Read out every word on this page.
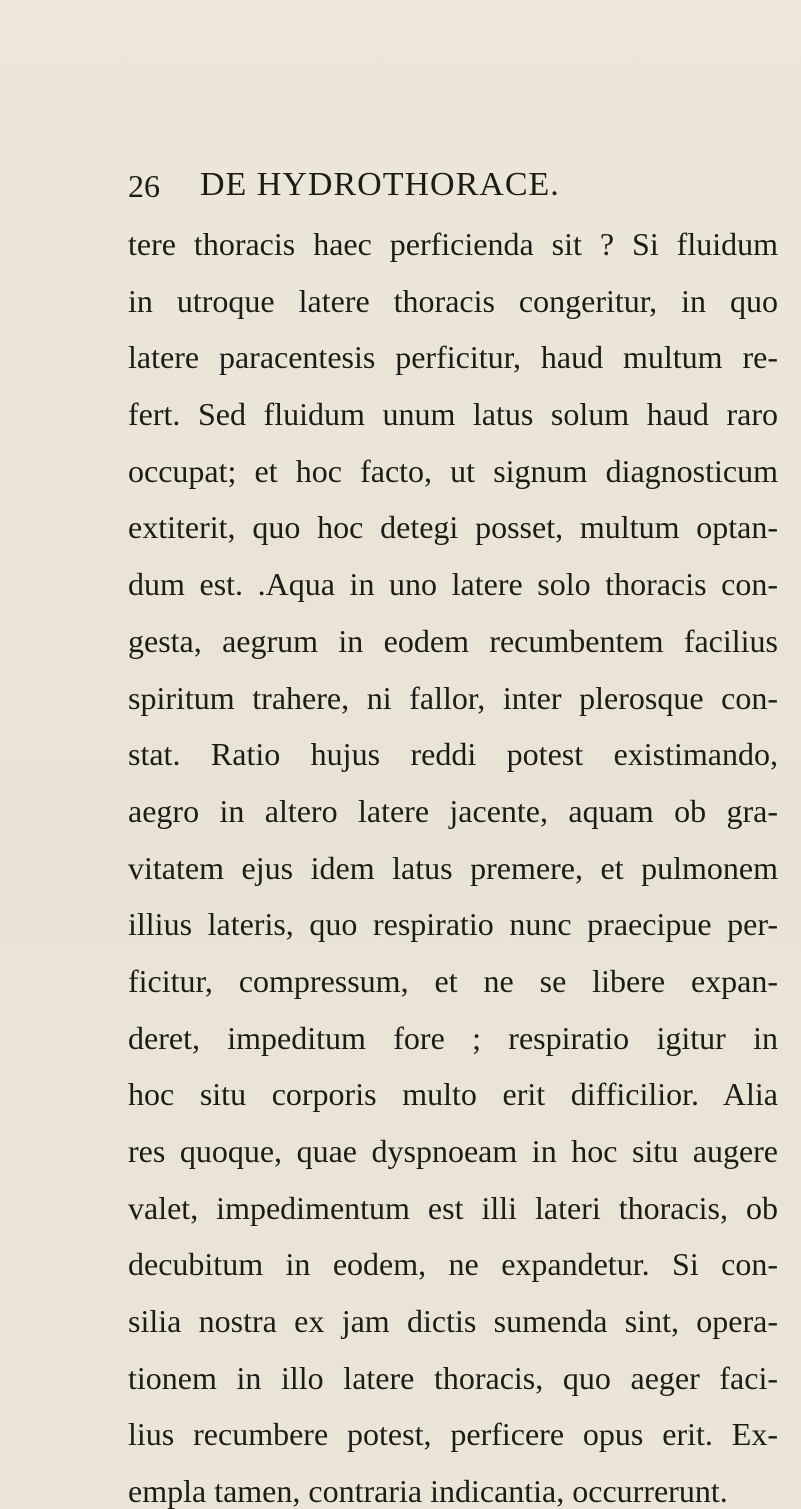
26 DE HYDROTHORACE.
tere thoracis haec perficienda sit ? Si fluidum
in utroque latere thoracis congeritur, in quo
latere paracentesis perficitur, haud multum re-
fert. Sed fluidum unum latus solum haud raro
occupat; et hoc facto, ut signum diagnosticum
extiterit, quo hoc detegi posset, multum optan-
dum est. .Aqua in uno latere solo thoracis con-
gesta, aegrum in eodem recumbentem facilius
spiritum trahere, ni fallor, inter plerosque con-
stat. Ratio hujus reddi potest existimando,
aegro in altero latere jacente, aquam ob gra-
vitatem ejus idem latus premere, et pulmonem
illius lateris, quo respiratio nunc praecipue per-
ficitur, compressum, et ne se libere expan-
deret, impeditum fore ; respiratio igitur in
hoc situ corporis multo erit difficilior. Alia
res quoque, quae dyspnoeam in hoc situ augere
valet, impedimentum est illi lateri thoracis, ob
decubitum in eodem, ne expandetur. Si con-
silia nostra ex jam dictis sumenda sint, opera-
tionem in illo latere thoracis, quo aeger faci-
lius recumbere potest, perficere opus erit. Ex-
empla tamen, contraria indicantia, occurrerunt.
